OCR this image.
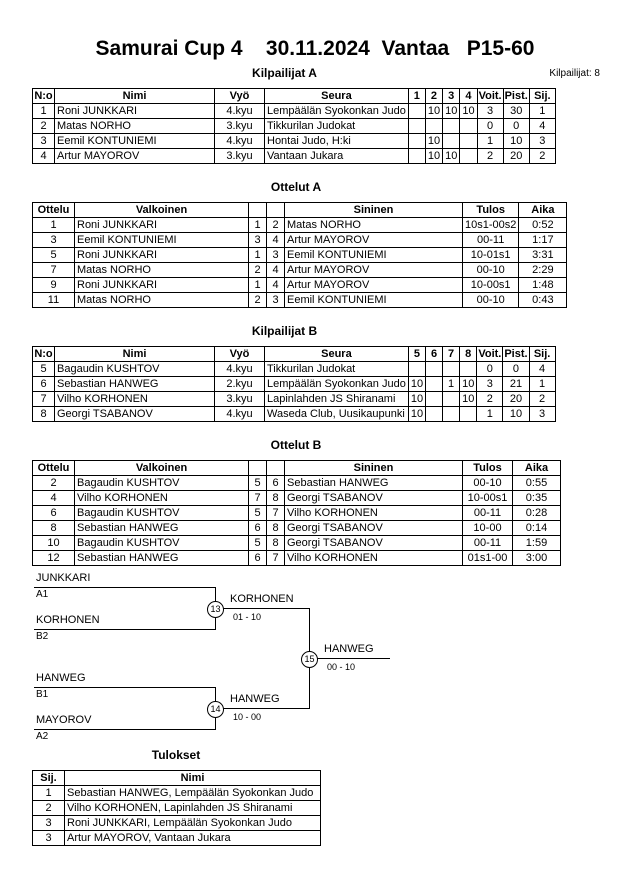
Samurai Cup 4    30.11.2024  Vantaa   P15-60
Kilpailijat: 8
Kilpailijat A
N:o	Nimi	Vyö	Seura	1	2	3	4	Voit.	Pist.	Sij.
1	Roni JUNKKARI	4.kyu	Lempäälän Syokonkan Judo		10	10	10	3	30	1
2	Matas NORHO	3.kyu	Tikkurilan Judokat					0	0	4
3	Eemil KONTUNIEMI	4.kyu	Hontai Judo, H:ki		10			1	10	3
4	Artur MAYOROV	3.kyu	Vantaan Jukara		10	10		2	20	2
Ottelut A
Ottelu	Valkoinen			Sininen	Tulos	Aika
1	Roni JUNKKARI	1	2	Matas NORHO	10s1-00s2	0:52
3	Eemil KONTUNIEMI	3	4	Artur MAYOROV	00-11	1:17
5	Roni JUNKKARI	1	3	Eemil KONTUNIEMI	10-01s1	3:31
7	Matas NORHO	2	4	Artur MAYOROV	00-10	2:29
9	Roni JUNKKARI	1	4	Artur MAYOROV	10-00s1	1:48
11	Matas NORHO	2	3	Eemil KONTUNIEMI	00-10	0:43
Kilpailijat B
N:o	Nimi	Vyö	Seura	5	6	7	8	Voit.	Pist.	Sij.
5	Bagaudin KUSHTOV	4.kyu	Tikkurilan Judokat					0	0	4
6	Sebastian HANWEG	2.kyu	Lempäälän Syokonkan Judo	10		1	10	3	21	1
7	Vilho KORHONEN	3.kyu	Lapinlahden JS Shiranami	10			10	2	20	2
8	Georgi TSABANOV	4.kyu	Waseda Club, Uusikaupunki	10				1	10	3
Ottelut B
Ottelu	Valkoinen			Sininen	Tulos	Aika
2	Bagaudin KUSHTOV	5	6	Sebastian HANWEG	00-10	0:55
4	Vilho KORHONEN	7	8	Georgi TSABANOV	10-00s1	0:35
6	Bagaudin KUSHTOV	5	7	Vilho KORHONEN	00-11	0:28
8	Sebastian HANWEG	6	8	Georgi TSABANOV	10-00	0:14
10	Bagaudin KUSHTOV	5	8	Georgi TSABANOV	00-11	1:59
12	Sebastian HANWEG	6	7	Vilho KORHONEN	01s1-00	3:00
JUNKKARI
A1
KORHONEN
B2
13
KORHONEN
01 - 10
15
HANWEG
00 - 10
HANWEG
B1
MAYOROV
A2
14
HANWEG
10 - 00
Tulokset
Sij.	Nimi
1	Sebastian HANWEG, Lempäälän Syokonkan Judo
2	Vilho KORHONEN, Lapinlahden JS Shiranami
3	Roni JUNKKARI, Lempäälän Syokonkan Judo
3	Artur MAYOROV, Vantaan Jukara
